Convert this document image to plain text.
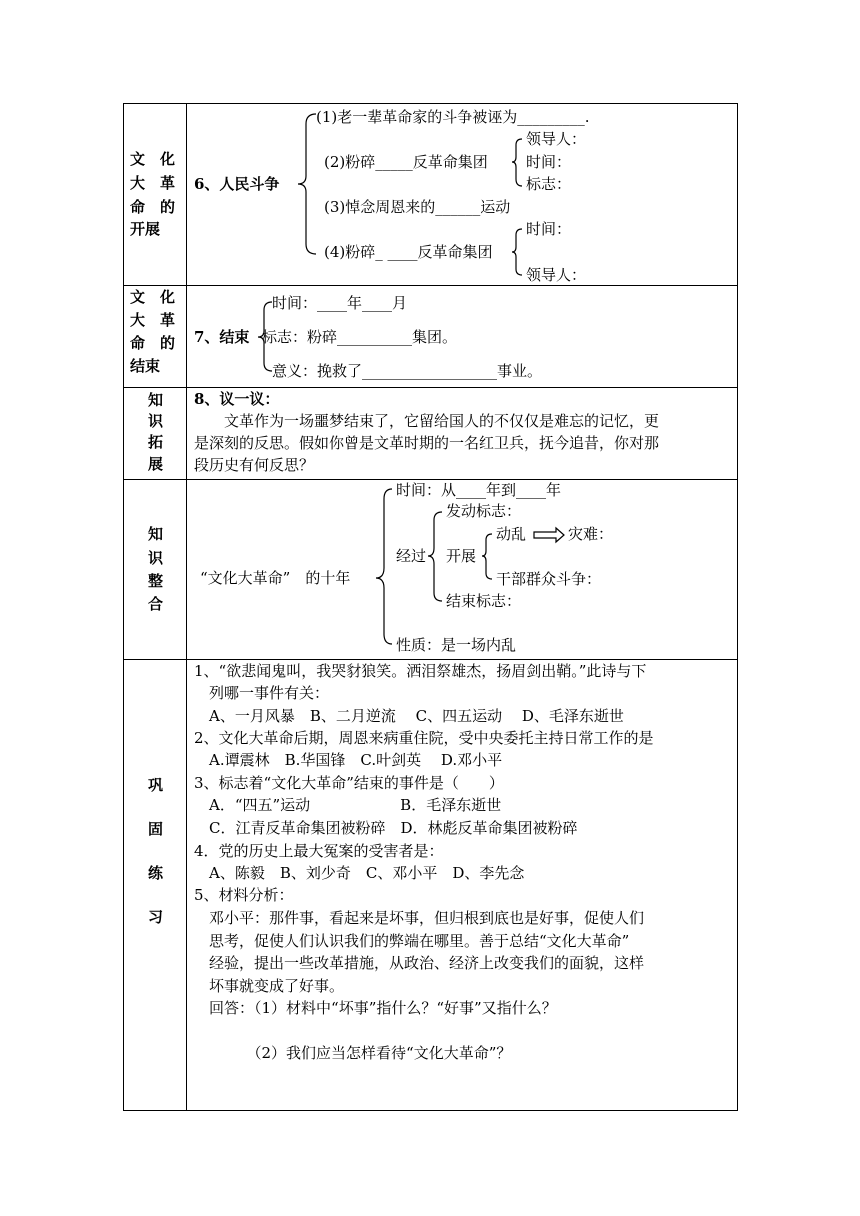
文　化
大　革
命　的
开展
6、人民斗争
(1)老一辈革命家的斗争被诬为_________.
(2)粉碎_____反革命集团
领导人：
时间：
标志：
(3)悼念周恩来的______运动
(4)粉碎_ ____反革命集团
时间：
领导人：
文　化
大　革
命　的
结束
7、结束
时间：____年____月
标志：粉碎__________集团。
意义：挽救了__________________事业。
知
识
拓
展
8、议一议：
　　文革作为一场噩梦结束了，它留给国人的不仅仅是难忘的记忆，更
是深刻的反思。假如你曾是文革时期的一名红卫兵，抚今追昔，你对那
段历史有何反思？
知
识
整
合
“文化大革命”　的十年
时间：从____年到____年
经过
发动标志：
开展
动乱	灾难：
干部群众斗争：
结束标志：
性质：是一场内乱
巩
固
练
习
1、“欲悲闻鬼叫，我哭豺狼笑。洒泪祭雄杰，扬眉剑出鞘。”此诗与下
　列哪一事件有关：
　A、一月风暴　B、二月逆流　 C、四五运动　 D、毛泽东逝世
2、文化大革命后期，周恩来病重住院，受中央委托主持日常工作的是
　A.谭震林　B.华国锋　C.叶剑英　 D.邓小平
3、标志着“文化大革命”结束的事件是（　　）
　A．“四五”运动　　　　　　B．毛泽东逝世
　C．江青反革命集团被粉碎　D．林彪反革命集团被粉碎
4．党的历史上最大冤案的受害者是：
　A、陈毅　B、刘少奇　C、邓小平　D、李先念
5、材料分析：
　邓小平：那件事，看起来是坏事，但归根到底也是好事，促使人们
　思考，促使人们认识我们的弊端在哪里。善于总结“文化大革命”
　经验，提出一些改革措施，从政治、经济上改变我们的面貌，这样
　坏事就变成了好事。
　回答：（1）材料中“坏事”指什么？“好事”又指什么？
　　　　（2）我们应当怎样看待“文化大革命”？
